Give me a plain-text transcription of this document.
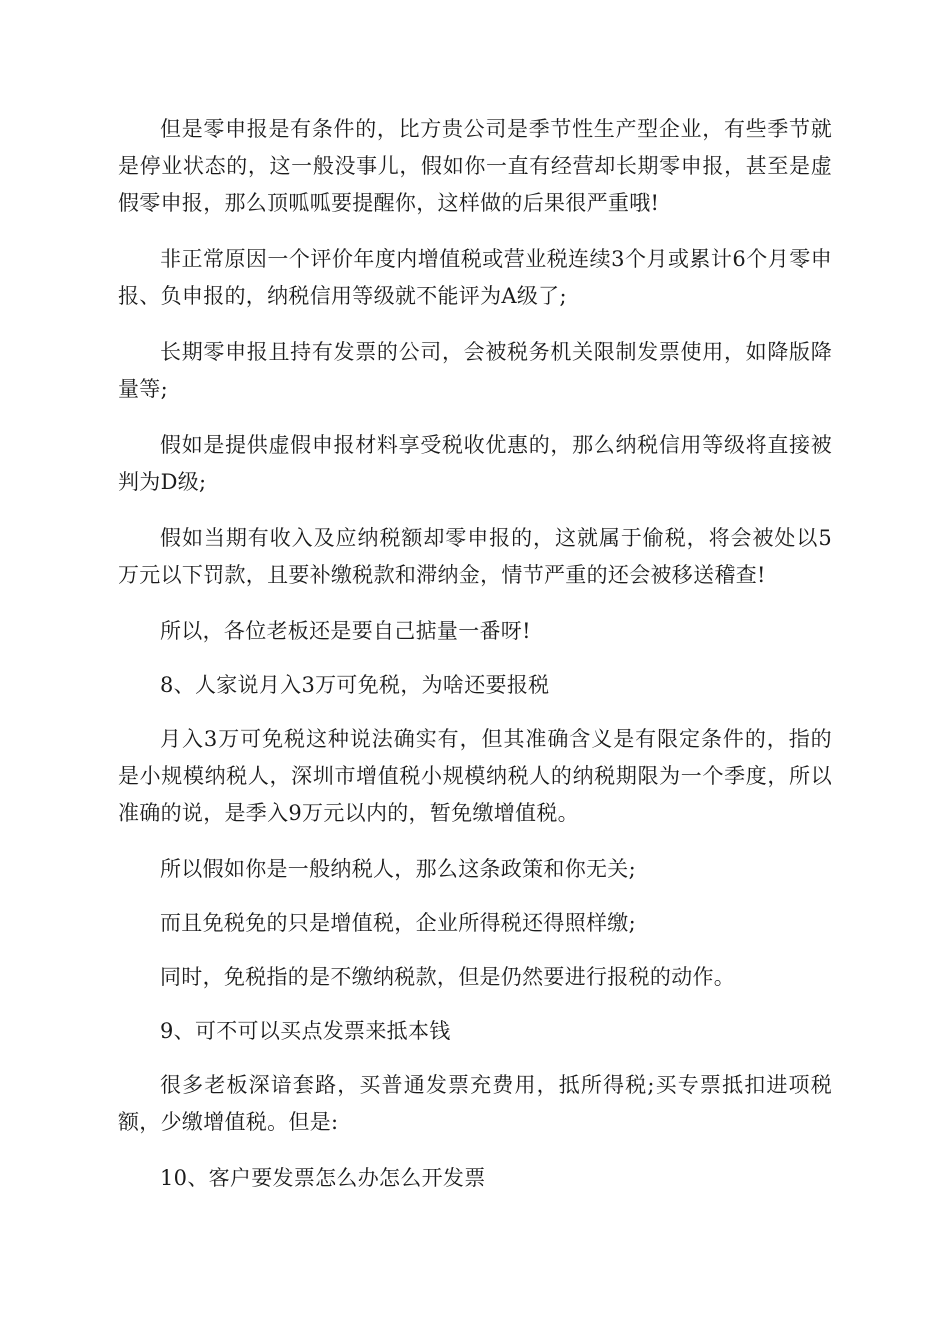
但是零申报是有条件的，比方贵公司是季节性生产型企业，有些季节就是停业状态的，这一般没事儿，假如你一直有经营却长期零申报，甚至是虚假零申报，那么顶呱呱要提醒你，这样做的后果很严重哦!

非正常原因一个评价年度内增值税或营业税连续3个月或累计6个月零申报、负申报的，纳税信用等级就不能评为A级了;

长期零申报且持有发票的公司，会被税务机关限制发票使用，如降版降量等;

假如是提供虚假申报材料享受税收优惠的，那么纳税信用等级将直接被判为D级;

假如当期有收入及应纳税额却零申报的，这就属于偷税，将会被处以5万元以下罚款，且要补缴税款和滞纳金，情节严重的还会被移送稽查!

所以，各位老板还是要自己掂量一番呀!

8、人家说月入3万可免税，为啥还要报税

月入3万可免税这种说法确实有，但其准确含义是有限定条件的，指的是小规模纳税人，深圳市增值税小规模纳税人的纳税期限为一个季度，所以准确的说，是季入9万元以内的，暂免缴增值税。

所以假如你是一般纳税人，那么这条政策和你无关;

而且免税免的只是增值税，企业所得税还得照样缴;

同时，免税指的是不缴纳税款，但是仍然要进行报税的动作。

9、可不可以买点发票来抵本钱

很多老板深谙套路，买普通发票充费用，抵所得税;买专票抵扣进项税额，少缴增值税。但是:

10、客户要发票怎么办怎么开发票
